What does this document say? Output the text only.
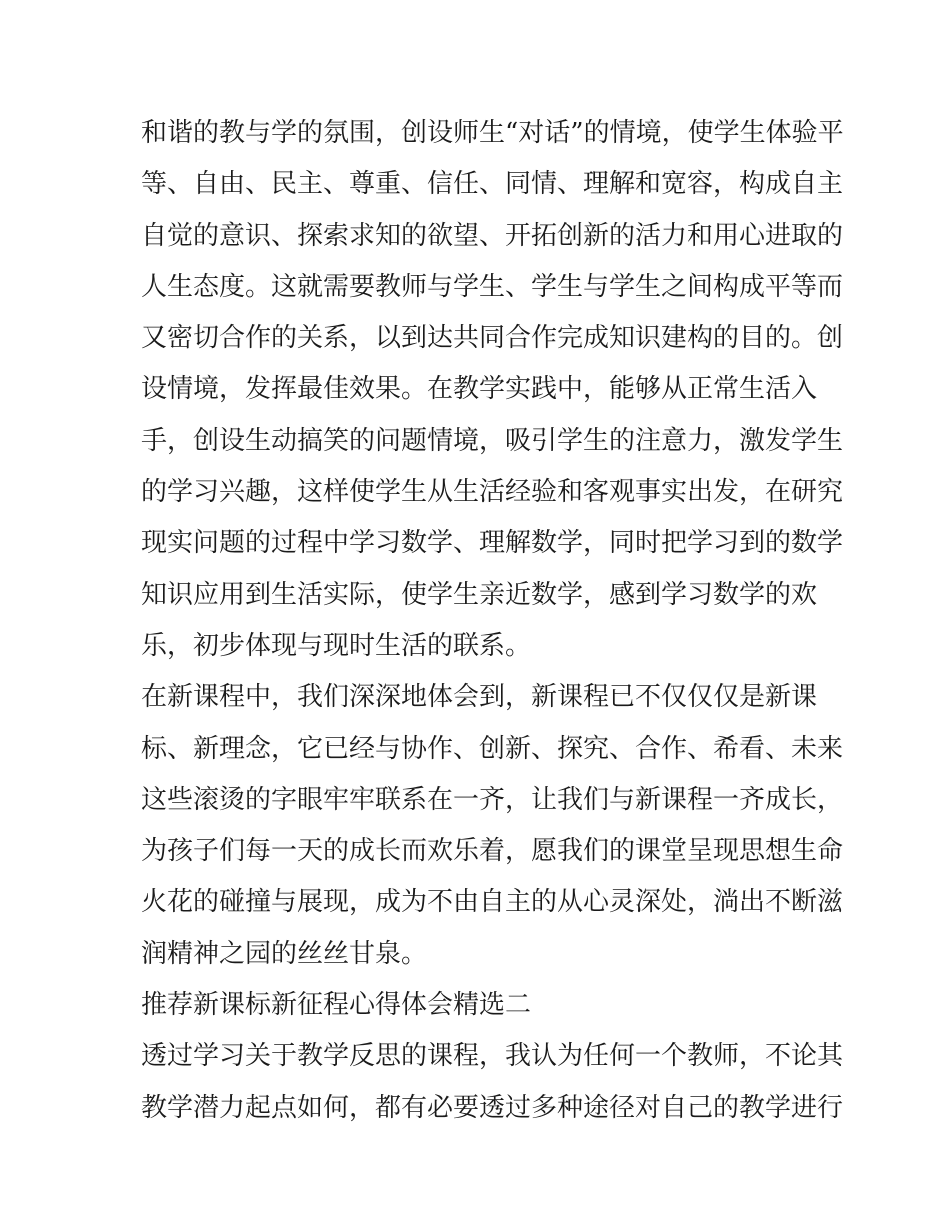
和谐的教与学的氛围，创设师生“对话”的情境，使学生体验平
等、自由、民主、尊重、信任、同情、理解和宽容，构成自主
自觉的意识、探索求知的欲望、开拓创新的活力和用心进取的
人生态度。这就需要教师与学生、学生与学生之间构成平等而
又密切合作的关系，以到达共同合作完成知识建构的目的。创
设情境，发挥最佳效果。在教学实践中，能够从正常生活入
手，创设生动搞笑的问题情境，吸引学生的注意力，激发学生
的学习兴趣，这样使学生从生活经验和客观事实出发，在研究
现实问题的过程中学习数学、理解数学，同时把学习到的数学
知识应用到生活实际，使学生亲近数学，感到学习数学的欢
乐，初步体现与现时生活的联系。
在新课程中，我们深深地体会到，新课程已不仅仅仅是新课
标、新理念，它已经与协作、创新、探究、合作、希看、未来
这些滚烫的字眼牢牢联系在一齐，让我们与新课程一齐成长，
为孩子们每一天的成长而欢乐着，愿我们的课堂呈现思想生命
火花的碰撞与展现，成为不由自主的从心灵深处，淌出不断滋
润精神之园的丝丝甘泉。
推荐新课标新征程心得体会精选二
透过学习关于教学反思的课程，我认为任何一个教师，不论其
教学潜力起点如何，都有必要透过多种途径对自己的教学进行
